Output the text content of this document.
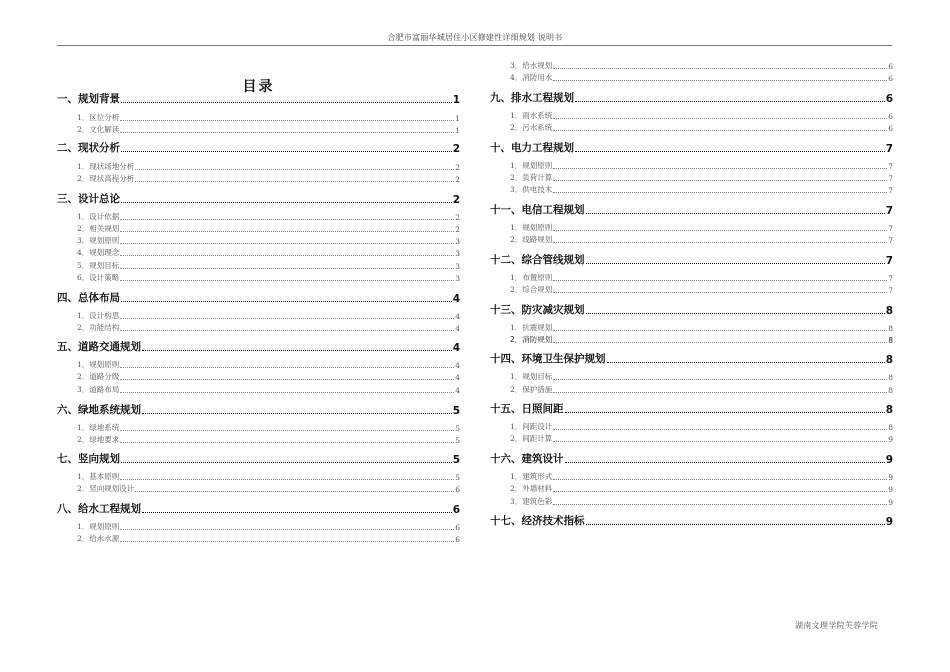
合肥市富丽华城居住小区修建性详细规划 说明书
目录
一、规划背景	1
1．区位分析	1
2．文化解读	1
二、现状分析	2
1．现状场地分析	2
2．现状高程分析	2
三、设计总论	2
1．设计依据	2
2．相关规划	2
3．规划原则	3
4．规划理念	3
5．规划目标	3
6．设计策略	3
四、总体布局	4
1．设计构思	4
2．功能结构	4
五、道路交通规划	4
1．规划原则	4
2．道路分级	4
3．道路布局	4
六、绿地系统规划	5
1．绿地系统	5
2．绿地要求	5
七、竖向规划	5
1．基本原则	5
2．竖向规划设计	6
八、给水工程规划	6
1．规划原则	6
2．给水水源	6
3．给水规划	6
4．消防用水	6
九、排水工程规划	6
1．雨水系统	6
2．污水系统	6
十、电力工程规划	7
1．规划原则	7
2．负荷计算	7
3．供电技术	7
十一、电信工程规划	7
1．规划原则	7
2．线路规划	7
十二、综合管线规划	7
1．布置原则	7
2．综合规划	7
十三、防灾减灾规划	8
1．抗震规划	8
2．消防规划	8
十四、环境卫生保护规划	8
1．规划目标	8
2．保护措施	8
十五、日照间距	8
1．间距设计	8
2．间距计算	9
十六、建筑设计	9
1．建筑形式	9
2．外墙材料	9
3．建筑色彩	9
十七、经济技术指标	9
湖南文理学院芙蓉学院
